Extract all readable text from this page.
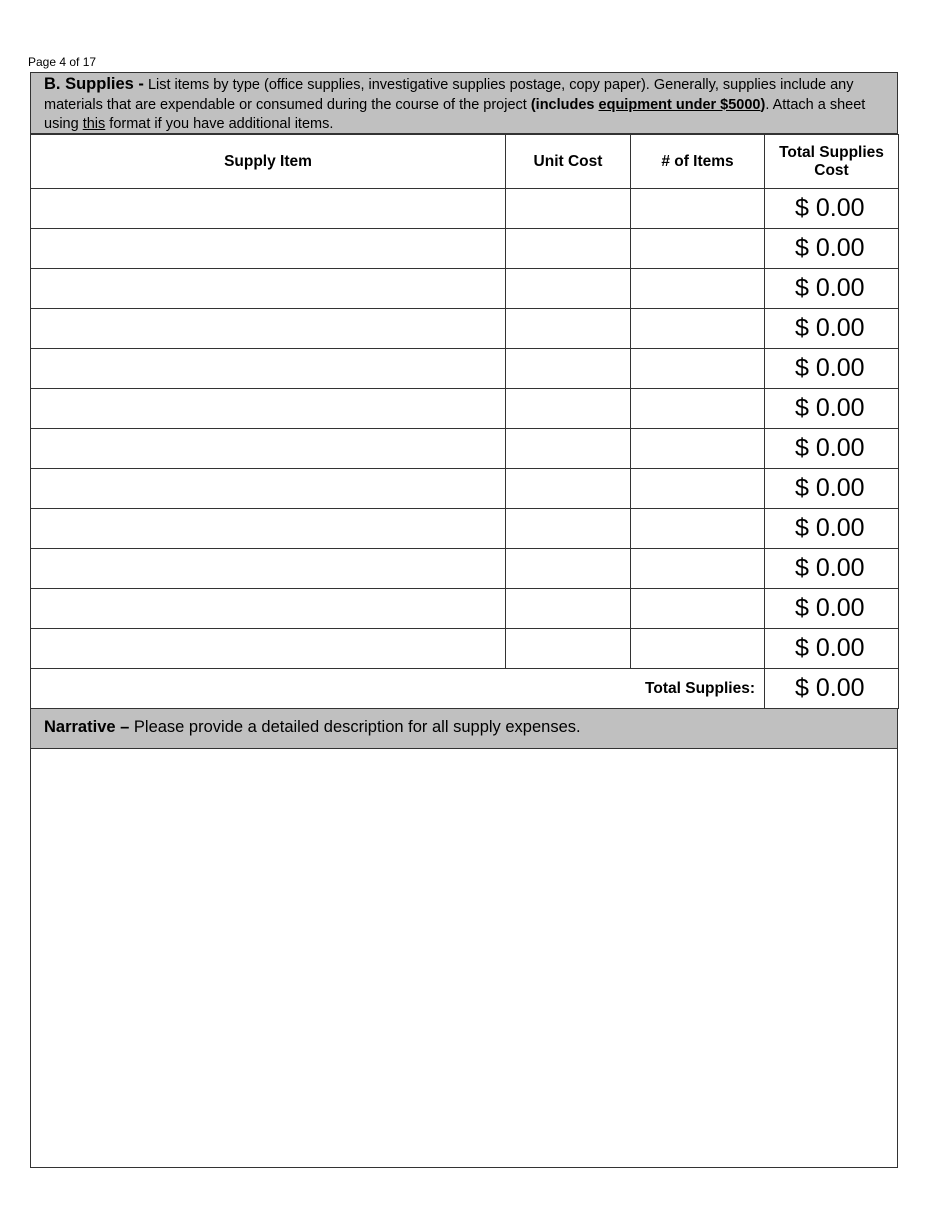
Page 4 of 17
B. Supplies - List items by type (office supplies, investigative supplies postage, copy paper). Generally, supplies include any materials that are expendable or consumed during the course of the project (includes equipment under $5000). Attach a sheet using this format if you have additional items.
Supply Item	Unit Cost	# of Items	Total Supplies Cost
			$ 0.00
			$ 0.00
			$ 0.00
			$ 0.00
			$ 0.00
			$ 0.00
			$ 0.00
			$ 0.00
			$ 0.00
			$ 0.00
			$ 0.00
			$ 0.00
Total Supplies:			$ 0.00
Narrative – Please provide a detailed description for all supply expenses.
